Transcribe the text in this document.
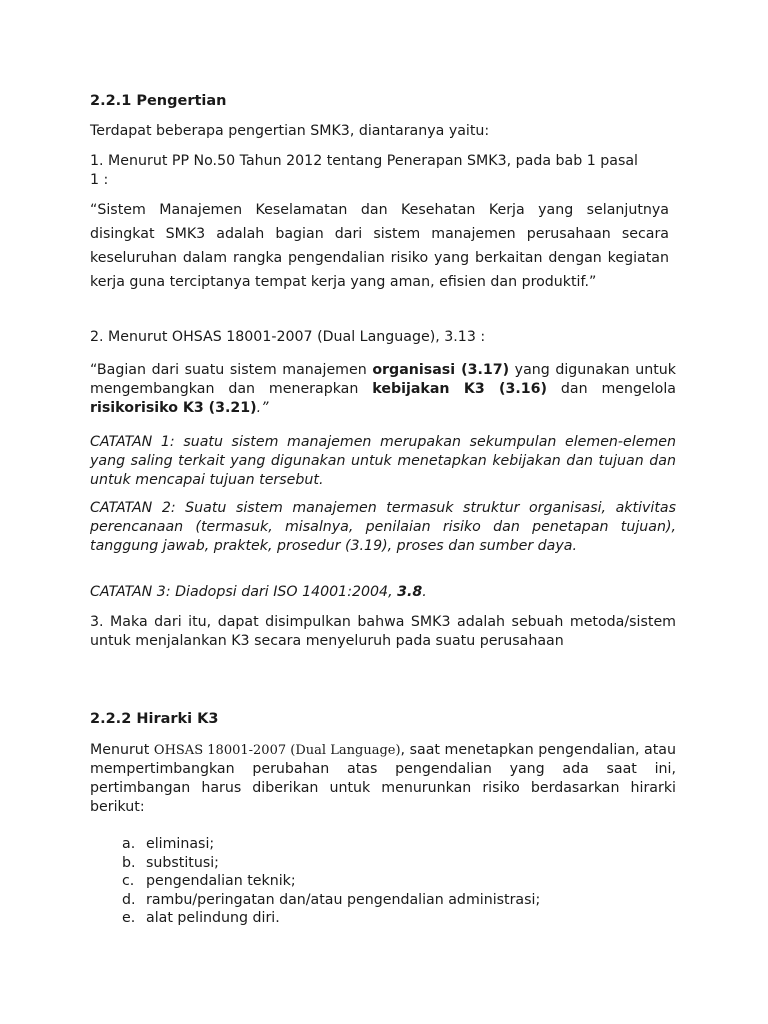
2.2.1 Pengertian
Terdapat beberapa pengertian SMK3, diantaranya yaitu:
1. Menurut PP No.50 Tahun 2012 tentang Penerapan SMK3, pada bab 1 pasal
1 :
“Sistem Manajemen Keselamatan dan Kesehatan Kerja yang selanjutnya disingkat SMK3 adalah bagian dari sistem manajemen perusahaan secara keseluruhan dalam rangka pengendalian risiko yang berkaitan dengan kegiatan kerja guna terciptanya tempat kerja yang aman, efisien dan produktif.”
2. Menurut OHSAS 18001-2007 (Dual Language), 3.13 :
“Bagian dari suatu sistem manajemen organisasi (3.17) yang digunakan untuk mengembangkan dan menerapkan kebijakan K3 (3.16) dan mengelola risikorisiko K3 (3.21).”
CATATAN 1: suatu sistem manajemen merupakan sekumpulan elemen-elemen yang saling terkait yang digunakan untuk menetapkan kebijakan dan tujuan dan untuk mencapai tujuan tersebut.
CATATAN 2: Suatu sistem manajemen termasuk struktur organisasi, aktivitas perencanaan (termasuk, misalnya, penilaian risiko dan penetapan tujuan), tanggung jawab, praktek, prosedur (3.19), proses dan sumber daya.
CATATAN 3: Diadopsi dari ISO 14001:2004, 3.8.
3. Maka dari itu, dapat disimpulkan bahwa SMK3 adalah sebuah metoda/sistem untuk menjalankan K3 secara menyeluruh pada suatu perusahaan
2.2.2 Hirarki K3
Menurut OHSAS 18001-2007 (Dual Language), saat menetapkan pengendalian, atau mempertimbangkan perubahan atas pengendalian yang ada saat ini, pertimbangan harus diberikan untuk menurunkan risiko berdasarkan hirarki berikut:
a. eliminasi;
b. substitusi;
c. pengendalian teknik;
d. rambu/peringatan dan/atau pengendalian administrasi;
e. alat pelindung diri.
